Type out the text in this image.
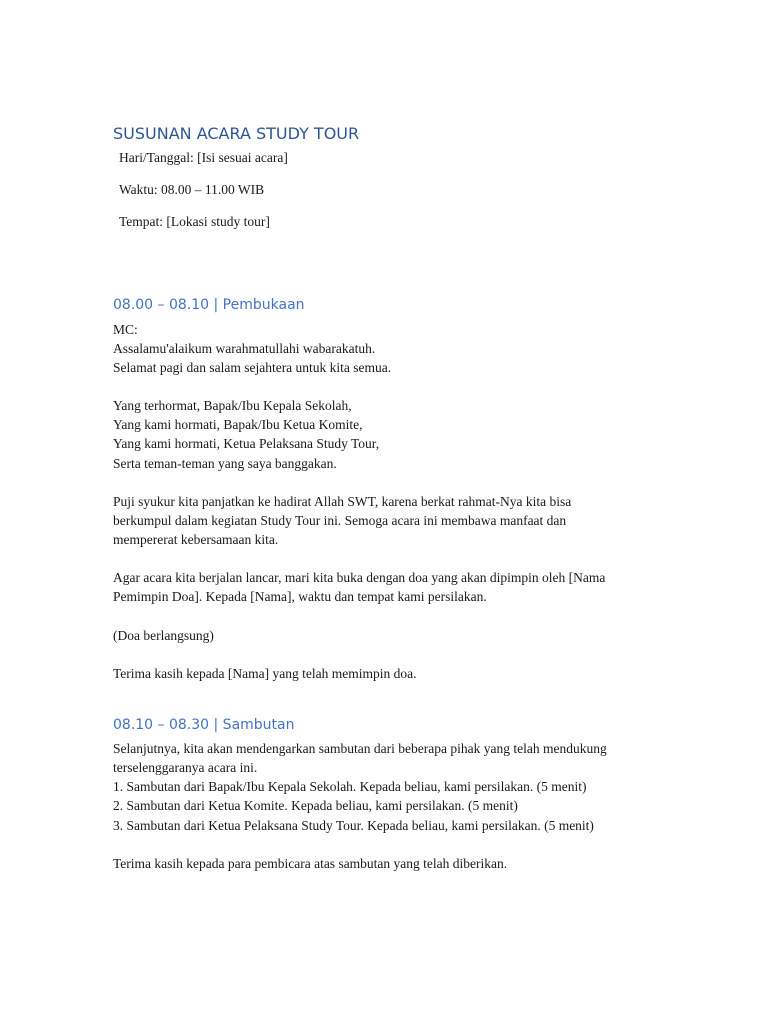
SUSUNAN ACARA STUDY TOUR

Hari/Tanggal: [Isi sesuai acara]

Waktu: 08.00 – 11.00 WIB

Tempat: [Lokasi study tour]

08.00 – 08.10 | Pembukaan

MC:

Assalamu'alaikum warahmatullahi wabarakatuh.

Selamat pagi dan salam sejahtera untuk kita semua.

Yang terhormat, Bapak/Ibu Kepala Sekolah,

Yang kami hormati, Bapak/Ibu Ketua Komite,

Yang kami hormati, Ketua Pelaksana Study Tour,

Serta teman-teman yang saya banggakan.

Puji syukur kita panjatkan ke hadirat Allah SWT, karena berkat rahmat-Nya kita bisa

berkumpul dalam kegiatan Study Tour ini. Semoga acara ini membawa manfaat dan

mempererat kebersamaan kita.

Agar acara kita berjalan lancar, mari kita buka dengan doa yang akan dipimpin oleh [Nama

Pemimpin Doa]. Kepada [Nama], waktu dan tempat kami persilakan.

(Doa berlangsung)

Terima kasih kepada [Nama] yang telah memimpin doa.

08.10 – 08.30 | Sambutan

Selanjutnya, kita akan mendengarkan sambutan dari beberapa pihak yang telah mendukung

terselenggaranya acara ini.

1. Sambutan dari Bapak/Ibu Kepala Sekolah. Kepada beliau, kami persilakan. (5 menit)

2. Sambutan dari Ketua Komite. Kepada beliau, kami persilakan. (5 menit)

3. Sambutan dari Ketua Pelaksana Study Tour. Kepada beliau, kami persilakan. (5 menit)

Terima kasih kepada para pembicara atas sambutan yang telah diberikan.
